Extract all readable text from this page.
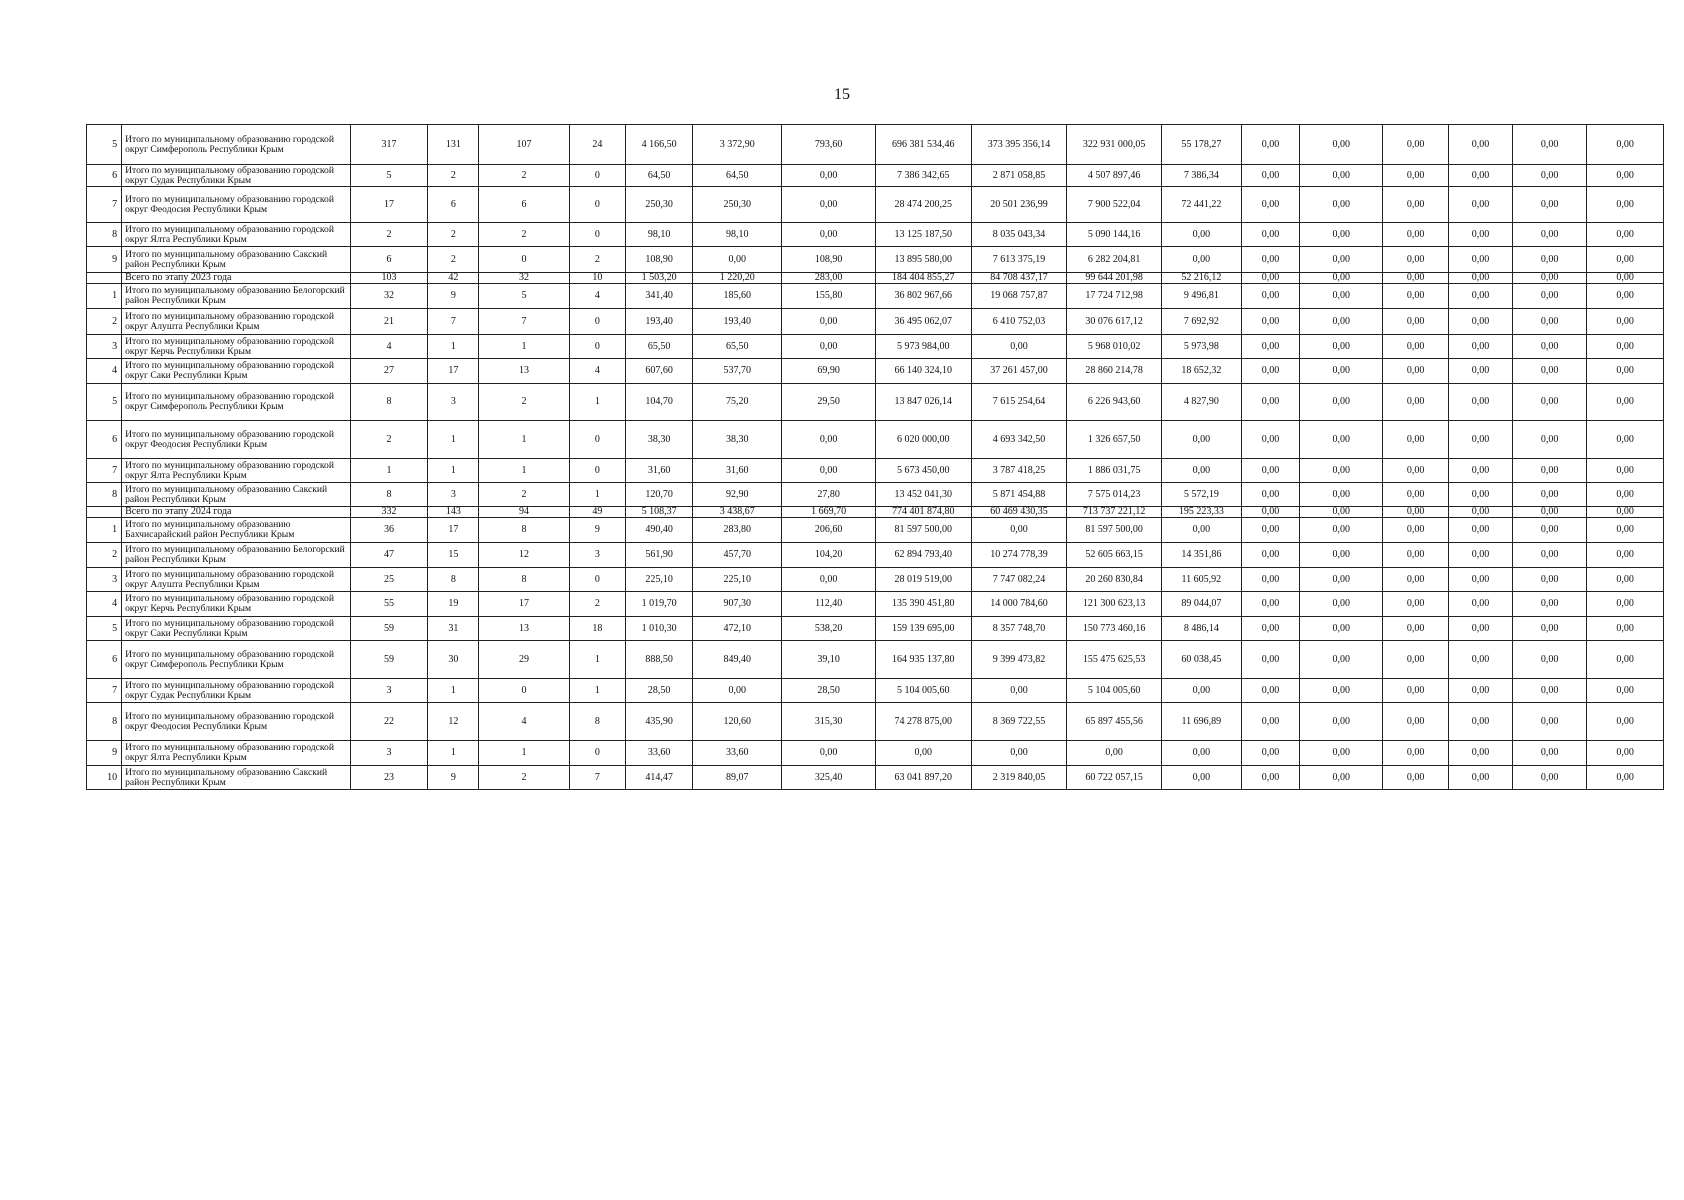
15
5	Итого по муниципальному образованию городской округ Симферополь Республики Крым	317	131	107	24	4 166,50	3 372,90	793,60	696 381 534,46	373 395 356,14	322 931 000,05	55 178,27	0,00	0,00	0,00	0,00	0,00	0,00
6	Итого по муниципальному образованию городской округ Судак Республики Крым	5	2	2	0	64,50	64,50	0,00	7 386 342,65	2 871 058,85	4 507 897,46	7 386,34	0,00	0,00	0,00	0,00	0,00	0,00
7	Итого по муниципальному образованию городской округ Феодосия Республики Крым	17	6	6	0	250,30	250,30	0,00	28 474 200,25	20 501 236,99	7 900 522,04	72 441,22	0,00	0,00	0,00	0,00	0,00	0,00
8	Итого по муниципальному образованию городской округ Ялта Республики Крым	2	2	2	0	98,10	98,10	0,00	13 125 187,50	8 035 043,34	5 090 144,16	0,00	0,00	0,00	0,00	0,00	0,00	0,00
9	Итого по муниципальному образованию Сакский район Республики Крым	6	2	0	2	108,90	0,00	108,90	13 895 580,00	7 613 375,19	6 282 204,81	0,00	0,00	0,00	0,00	0,00	0,00	0,00
	Всего по этапу 2023 года	103	42	32	10	1 503,20	1 220,20	283,00	184 404 855,27	84 708 437,17	99 644 201,98	52 216,12	0,00	0,00	0,00	0,00	0,00	0,00
1	Итого по муниципальному образованию Белогорский район Республики Крым	32	9	5	4	341,40	185,60	155,80	36 802 967,66	19 068 757,87	17 724 712,98	9 496,81	0,00	0,00	0,00	0,00	0,00	0,00
2	Итого по муниципальному образованию городской округ Алушта Республики Крым	21	7	7	0	193,40	193,40	0,00	36 495 062,07	6 410 752,03	30 076 617,12	7 692,92	0,00	0,00	0,00	0,00	0,00	0,00
3	Итого по муниципальному образованию городской округ Керчь Республики Крым	4	1	1	0	65,50	65,50	0,00	5 973 984,00	0,00	5 968 010,02	5 973,98	0,00	0,00	0,00	0,00	0,00	0,00
4	Итого по муниципальному образованию городской округ Саки Республики Крым	27	17	13	4	607,60	537,70	69,90	66 140 324,10	37 261 457,00	28 860 214,78	18 652,32	0,00	0,00	0,00	0,00	0,00	0,00
5	Итого по муниципальному образованию городской округ Симферополь Республики Крым	8	3	2	1	104,70	75,20	29,50	13 847 026,14	7 615 254,64	6 226 943,60	4 827,90	0,00	0,00	0,00	0,00	0,00	0,00
6	Итого по муниципальному образованию городской округ Феодосия Республики Крым	2	1	1	0	38,30	38,30	0,00	6 020 000,00	4 693 342,50	1 326 657,50	0,00	0,00	0,00	0,00	0,00	0,00	0,00
7	Итого по муниципальному образованию городской округ Ялта Республики Крым	1	1	1	0	31,60	31,60	0,00	5 673 450,00	3 787 418,25	1 886 031,75	0,00	0,00	0,00	0,00	0,00	0,00	0,00
8	Итого по муниципальному образованию Сакский район Республики Крым	8	3	2	1	120,70	92,90	27,80	13 452 041,30	5 871 454,88	7 575 014,23	5 572,19	0,00	0,00	0,00	0,00	0,00	0,00
	Всего по этапу 2024 года	332	143	94	49	5 108,37	3 438,67	1 669,70	774 401 874,80	60 469 430,35	713 737 221,12	195 223,33	0,00	0,00	0,00	0,00	0,00	0,00
1	Итого по муниципальному образованию Бахчисарайский район Республики Крым	36	17	8	9	490,40	283,80	206,60	81 597 500,00	0,00	81 597 500,00	0,00	0,00	0,00	0,00	0,00	0,00	0,00
2	Итого по муниципальному образованию Белогорский район Республики Крым	47	15	12	3	561,90	457,70	104,20	62 894 793,40	10 274 778,39	52 605 663,15	14 351,86	0,00	0,00	0,00	0,00	0,00	0,00
3	Итого по муниципальному образованию городской округ Алушта Республики Крым	25	8	8	0	225,10	225,10	0,00	28 019 519,00	7 747 082,24	20 260 830,84	11 605,92	0,00	0,00	0,00	0,00	0,00	0,00
4	Итого по муниципальному образованию городской округ Керчь Республики Крым	55	19	17	2	1 019,70	907,30	112,40	135 390 451,80	14 000 784,60	121 300 623,13	89 044,07	0,00	0,00	0,00	0,00	0,00	0,00
5	Итого по муниципальному образованию городской округ Саки Республики Крым	59	31	13	18	1 010,30	472,10	538,20	159 139 695,00	8 357 748,70	150 773 460,16	8 486,14	0,00	0,00	0,00	0,00	0,00	0,00
6	Итого по муниципальному образованию городской округ Симферополь Республики Крым	59	30	29	1	888,50	849,40	39,10	164 935 137,80	9 399 473,82	155 475 625,53	60 038,45	0,00	0,00	0,00	0,00	0,00	0,00
7	Итого по муниципальному образованию городской округ Судак Республики Крым	3	1	0	1	28,50	0,00	28,50	5 104 005,60	0,00	5 104 005,60	0,00	0,00	0,00	0,00	0,00	0,00	0,00
8	Итого по муниципальному образованию городской округ Феодосия Республики Крым	22	12	4	8	435,90	120,60	315,30	74 278 875,00	8 369 722,55	65 897 455,56	11 696,89	0,00	0,00	0,00	0,00	0,00	0,00
9	Итого по муниципальному образованию городской округ Ялта Республики Крым	3	1	1	0	33,60	33,60	0,00	0,00	0,00	0,00	0,00	0,00	0,00	0,00	0,00	0,00	0,00
10	Итого по муниципальному образованию Сакский район Республики Крым	23	9	2	7	414,47	89,07	325,40	63 041 897,20	2 319 840,05	60 722 057,15	0,00	0,00	0,00	0,00	0,00	0,00	0,00
